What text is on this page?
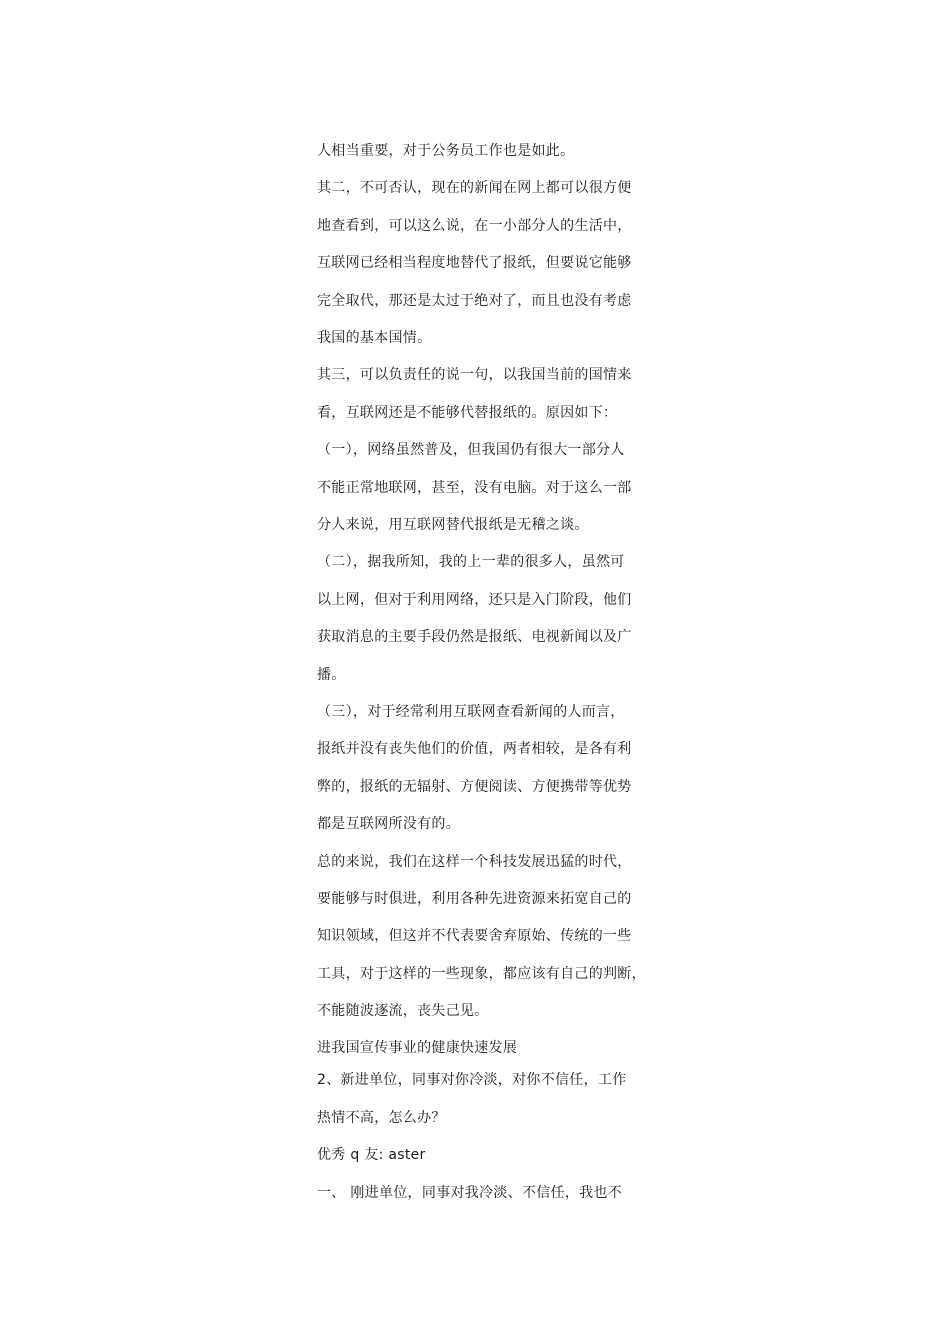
人相当重要，对于公务员工作也是如此。

其二，不可否认，现在的新闻在网上都可以很方便

地查看到，可以这么说，在一小部分人的生活中，

互联网已经相当程度地替代了报纸，但要说它能够

完全取代，那还是太过于绝对了，而且也没有考虑

我国的基本国情。

其三，可以负责任的说一句，以我国当前的国情来

看，互联网还是不能够代替报纸的。原因如下：

（一），网络虽然普及，但我国仍有很大一部分人

不能正常地联网，甚至，没有电脑。对于这么一部

分人来说，用互联网替代报纸是无稽之谈。

（二），据我所知，我的上一辈的很多人，虽然可

以上网，但对于利用网络，还只是入门阶段，他们

获取消息的主要手段仍然是报纸、电视新闻以及广

播。

（三），对于经常利用互联网查看新闻的人而言，

报纸并没有丧失他们的价值，两者相较，是各有利

弊的，报纸的无辐射、方便阅读、方便携带等优势

都是互联网所没有的。

总的来说，我们在这样一个科技发展迅猛的时代，

要能够与时俱进，利用各种先进资源来拓宽自己的

知识领域，但这并不代表要舍弃原始、传统的一些

工具，对于这样的一些现象，都应该有自己的判断，

不能随波逐流，丧失己见。

进我国宣传事业的健康快速发展

2、新进单位，同事对你冷淡，对你不信任，工作

热情不高，怎么办？

优秀 q 友: aster

一、 刚进单位，同事对我冷淡、不信任，我也不
